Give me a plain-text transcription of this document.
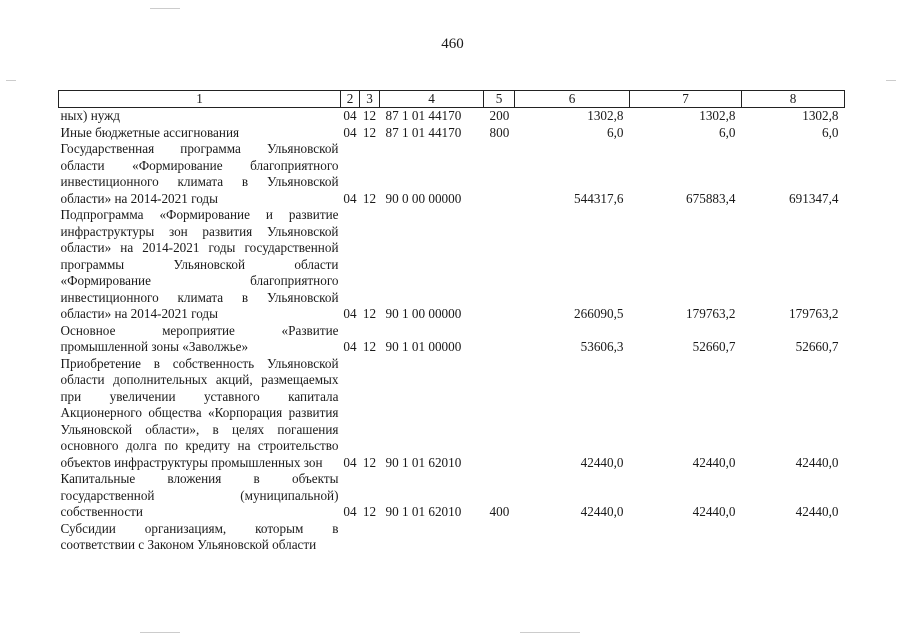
460
1	2	3	4	5	6	7	8
ных) нужд	04	12	87 1 01 44170	200	1302,8	1302,8	1302,8
Иные бюджетные ассигнования	04	12	87 1 01 44170	800	6,0	6,0	6,0
Государственная программа Ульяновской области «Формирование благоприятного инвестиционного климата в Ульяновской области» на 2014-2021 годы	04	12	90 0 00 00000		544317,6	675883,4	691347,4
Подпрограмма «Формирование и развитие инфраструктуры зон развития Ульяновской области» на 2014-2021 годы государственной программы Ульяновской области «Формирование благоприятного инвестиционного климата в Ульяновской области» на 2014-2021 годы	04	12	90 1 00 00000		266090,5	179763,2	179763,2
Основное мероприятие «Развитие промышленной зоны «Заволжье»	04	12	90 1 01 00000		53606,3	52660,7	52660,7
Приобретение в собственность Ульяновской области дополнительных акций, размещаемых при увеличении уставного капитала Акционерного общества «Корпорация развития Ульяновской области», в целях погашения основного долга по кредиту на строительство объектов инфраструктуры промышленных зон	04	12	90 1 01 62010		42440,0	42440,0	42440,0
Капитальные вложения в объекты государственной (муниципальной) собственности	04	12	90 1 01 62010	400	42440,0	42440,0	42440,0
Субсидии организациям, которым в соответствии с Законом Ульяновской области							
